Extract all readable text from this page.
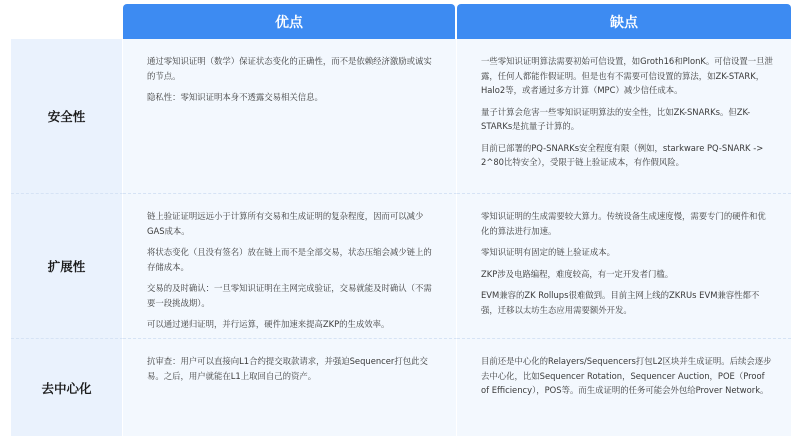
优点	缺点
安全性

通过零知识证明（数学）保证状态变化的正确性，而不是依赖经济激励或诚实的节点。

隐私性：零知识证明本身不透露交易相关信息。

一些零知识证明算法需要初始可信设置，如Groth16和PlonK。可信设置一旦泄露，任何人都能作假证明。但是也有不需要可信设置的算法，如ZK-STARK，Halo2等，或者通过多方计算（MPC）减少信任成本。

量子计算会危害一些零知识证明算法的安全性，比如ZK-SNARKs。但ZK-STARKs是抗量子计算的。

目前已部署的PQ-SNARKs安全程度有限（例如，starkware PQ-SNARK -> 2^80比特安全），受限于链上验证成本，有作假风险。

扩展性

链上验证证明远远小于计算所有交易和生成证明的复杂程度，因而可以减少GAS成本。

将状态变化（且没有签名）放在链上而不是全部交易，状态压缩会减少链上的存储成本。

交易的及时确认：一旦零知识证明在主网完成验证，交易就能及时确认（不需要一段挑战期）。

可以通过递归证明，并行运算，硬件加速来提高ZKP的生成效率。

零知识证明的生成需要较大算力。传统设备生成速度慢，需要专门的硬件和优化的算法进行加速。

零知识证明有固定的链上验证成本。

ZKP涉及电路编程，难度较高，有一定开发者门槛。

EVM兼容的ZK Rollups很难做到。目前主网上线的ZKRUs EVM兼容性都不强，迁移以太坊生态应用需要额外开发。

去中心化

抗审查：用户可以直接向L1合约提交取款请求，并强迫Sequencer打包此交易。之后，用户就能在L1上取回自己的资产。

目前还是中心化的Relayers/Sequencers打包L2区块并生成证明。后续会逐步去中心化，比如Sequencer Rotation，Sequencer Auction，POE（Proof of Efficiency），POS等。而生成证明的任务可能会外包给Prover Network。
